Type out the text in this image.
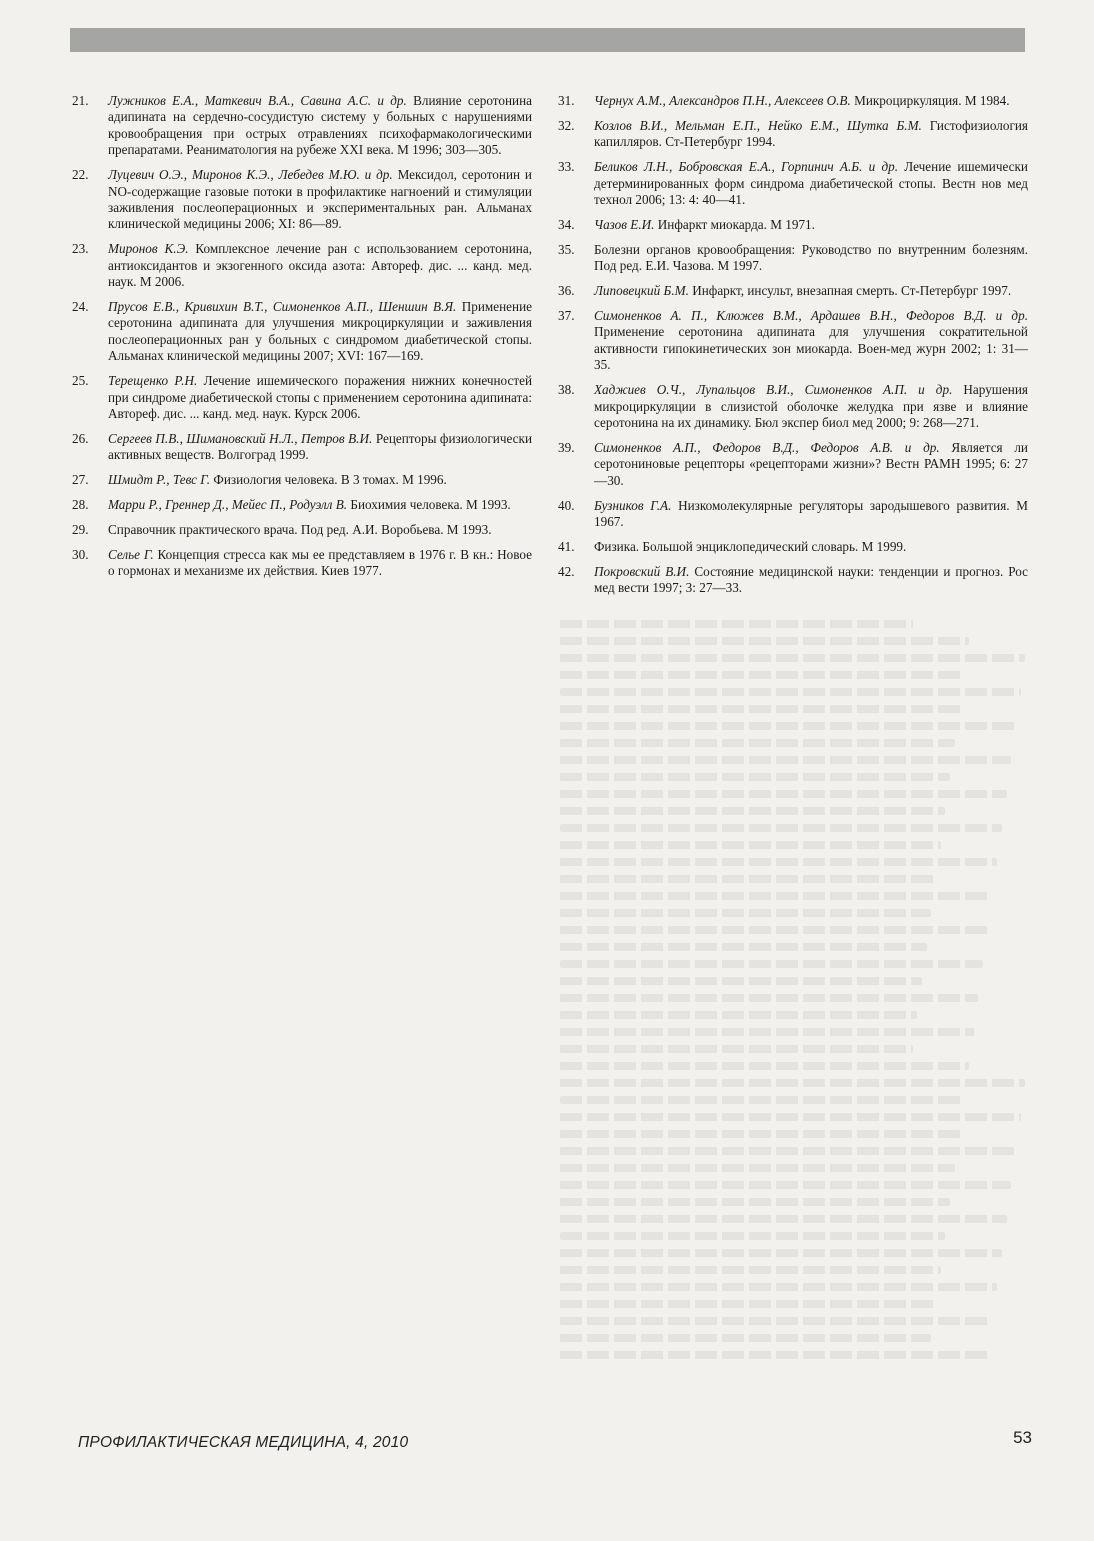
21.	Лужников Е.А., Маткевич В.А., Савина А.С. и др. Влияние серотонина адипината на сердечно-сосудистую систему у больных с нарушениями кровообращения при острых отравлениях психофармакологическими препаратами. Реаниматология на рубеже XXI века. М 1996; 303—305.
22.	Луцевич О.Э., Миронов К.Э., Лебедев М.Ю. и др. Мексидол, серотонин и NO-содержащие газовые потоки в профилактике нагноений и стимуляции заживления послеоперационных и экспериментальных ран. Альманах клинической медицины 2006; XI: 86—89.
23.	Миронов К.Э. Комплексное лечение ран с использованием серотонина, антиоксидантов и экзогенного оксида азота: Автореф. дис. ... канд. мед. наук. М 2006.
24.	Прусов Е.В., Кривихин В.Т., Симоненков А.П., Шеншин В.Я. Применение серотонина адипината для улучшения микроциркуляции и заживления послеоперационных ран у больных с синдромом диабетической стопы. Альманах клинической медицины 2007; XVI: 167—169.
25.	Терещенко Р.Н. Лечение ишемического поражения нижних конечностей при синдроме диабетической стопы с применением серотонина адипината: Автореф. дис. ... канд. мед. наук. Курск 2006.
26.	Сергеев П.В., Шимановский Н.Л., Петров В.И. Рецепторы физиологически активных веществ. Волгоград 1999.
27.	Шмидт Р., Тевс Г. Физиология человека. В 3 томах. М 1996.
28.	Марри Р., Греннер Д., Мейес П., Родуэлл В. Биохимия человека. М 1993.
29.	Справочник практического врача. Под ред. А.И. Воробьева. М 1993.
30.	Селье Г. Концепция стресса как мы ее представляем в 1976 г. В кн.: Новое о гормонах и механизме их действия. Киев 1977.
31.	Чернух А.М., Александров П.Н., Алексеев О.В. Микроциркуляция. М 1984.
32.	Козлов В.И., Мельман Е.П., Нейко Е.М., Шутка Б.М. Гистофизиология капилляров. Ст-Петербург 1994.
33.	Беликов Л.Н., Бобровская Е.А., Горпинич А.Б. и др. Лечение ишемически детерминированных форм синдрома диабетической стопы. Вестн нов мед технол 2006; 13: 4: 40—41.
34.	Чазов Е.И. Инфаркт миокарда. М 1971.
35.	Болезни органов кровообращения: Руководство по внутренним болезням. Под ред. Е.И. Чазова. М 1997.
36.	Липовецкий Б.М. Инфаркт, инсульт, внезапная смерть. Ст-Петербург 1997.
37.	Симоненков А. П., Клюжев В.М., Ардашев В.Н., Федоров В.Д. и др. Применение серотонина адипината для улучшения сократительной активности гипокинетических зон миокарда. Воен-мед журн 2002; 1: 31—35.
38.	Хаджиев О.Ч., Лупальцов В.И., Симоненков А.П. и др. Нарушения микроциркуляции в слизистой оболочке желудка при язве и влияние серотонина на их динамику. Бюл экспер биол мед 2000; 9: 268—271.
39.	Симоненков А.П., Федоров В.Д., Федоров А.В. и др. Является ли серотониновые рецепторы «рецепторами жизни»? Вестн РАМН 1995; 6: 27—30.
40.	Бузников Г.А. Низкомолекулярные регуляторы зародышевого развития. М 1967.
41.	Физика. Большой энциклопедический словарь. М 1999.
42.	Покровский В.И. Состояние медицинской науки: тенденции и прогноз. Рос мед вести 1997; 3: 27—33.
ПРОФИЛАКТИЧЕСКАЯ МЕДИЦИНА, 4, 2010	53
